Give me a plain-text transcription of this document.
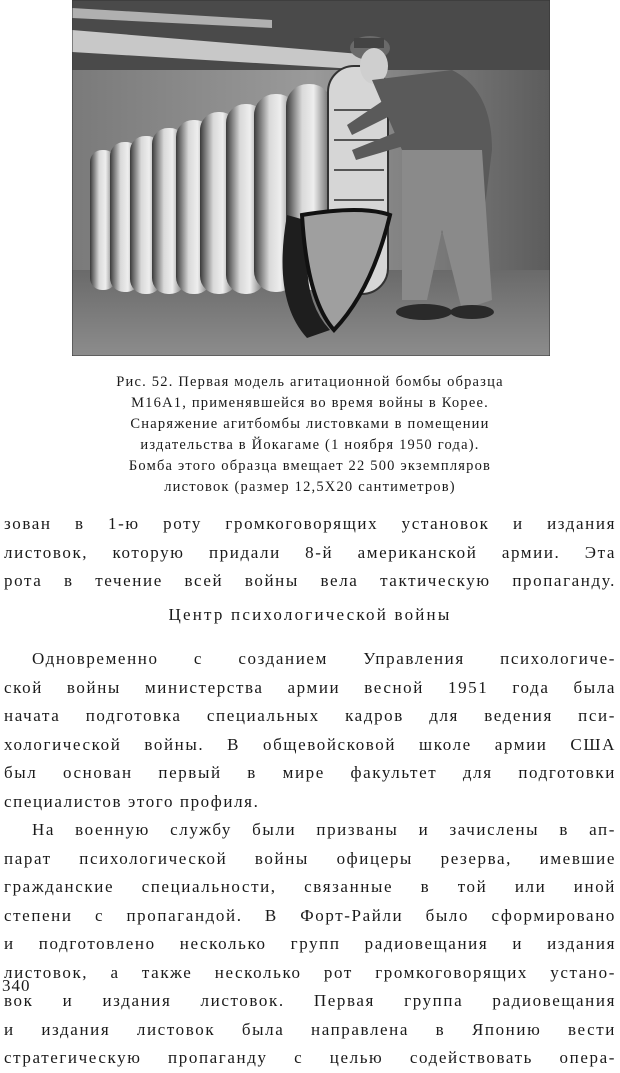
Рис. 52. Первая модель агитационной бомбы образца
M16A1, применявшейся во время войны в Корее.
Снаряжение агитбомбы листовками в помещении
издательства в Йокагаме (1 ноября 1950 года).
Бомба этого образца вмещает 22 500 экземпляров
листовок (размер 12,5X20 сантиметров)
зован в 1-ю роту громкоговорящих установок и издания
листовок, которую придали 8-й американской армии. Эта
рота в течение всей войны вела тактическую пропаганду.
Центр психологической войны
Одновременно с созданием Управления психологиче-
ской войны министерства армии весной 1951 года была
начата подготовка специальных кадров для ведения пси-
хологической войны. В общевойсковой школе армии США
был основан первый в мире факультет для подготовки
специалистов этого профиля.
На военную службу были призваны и зачислены в ап-
парат психологической войны офицеры резерва, имевшие
гражданские специальности, связанные в той или иной
степени с пропагандой. В Форт-Райли было сформировано
и подготовлено несколько групп радиовещания и издания
листовок, а также несколько рот громкоговорящих устано-
вок и издания листовок. Первая группа радиовещания
и издания листовок была направлена в Японию вести
стратегическую пропаганду с целью содействовать опера-
340
